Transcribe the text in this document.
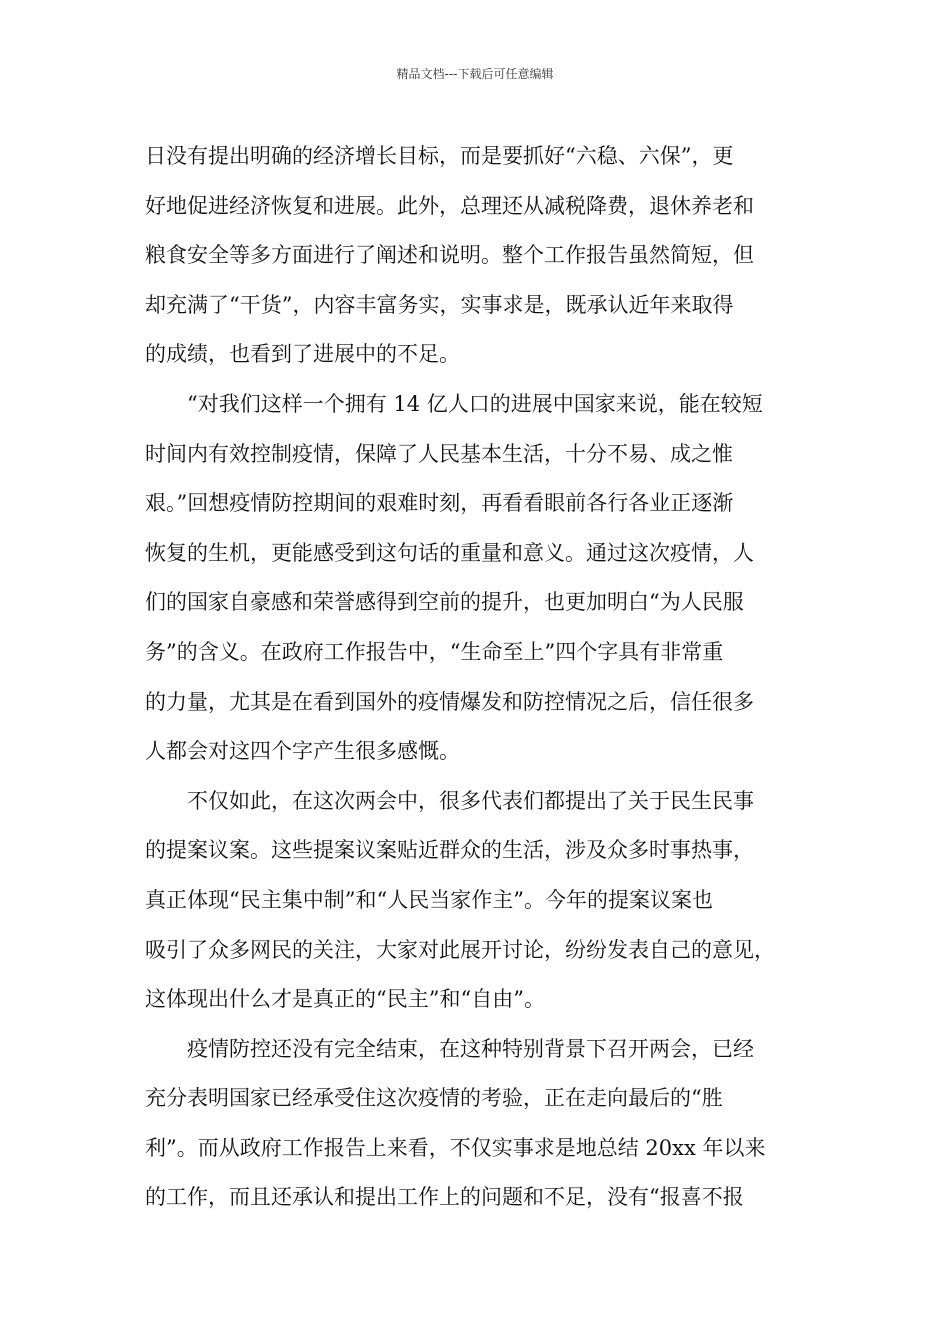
精品文档---下载后可任意编辑
日没有提出明确的经济增长目标，而是要抓好“六稳、六保”，更
好地促进经济恢复和进展。此外，总理还从减税降费，退休养老和
粮食安全等多方面进行了阐述和说明。整个工作报告虽然简短，但
却充满了“干货”，内容丰富务实，实事求是，既承认近年来取得
的成绩，也看到了进展中的不足。
“对我们这样一个拥有 14 亿人口的进展中国家来说，能在较短
时间内有效控制疫情，保障了人民基本生活，十分不易、成之惟
艰。”回想疫情防控期间的艰难时刻，再看看眼前各行各业正逐渐
恢复的生机，更能感受到这句话的重量和意义。通过这次疫情，人
们的国家自豪感和荣誉感得到空前的提升，也更加明白“为人民服
务”的含义。在政府工作报告中，“生命至上”四个字具有非常重
的力量，尤其是在看到国外的疫情爆发和防控情况之后，信任很多
人都会对这四个字产生很多感慨。
不仅如此，在这次两会中，很多代表们都提出了关于民生民事
的提案议案。这些提案议案贴近群众的生活，涉及众多时事热事，
真正体现“民主集中制”和“人民当家作主”。今年的提案议案也
吸引了众多网民的关注，大家对此展开讨论，纷纷发表自己的意见，
这体现出什么才是真正的“民主”和“自由”。
疫情防控还没有完全结束，在这种特别背景下召开两会，已经
充分表明国家已经承受住这次疫情的考验，正在走向最后的“胜
利”。而从政府工作报告上来看，不仅实事求是地总结 20xx 年以来
的工作，而且还承认和提出工作上的问题和不足，没有“报喜不报
